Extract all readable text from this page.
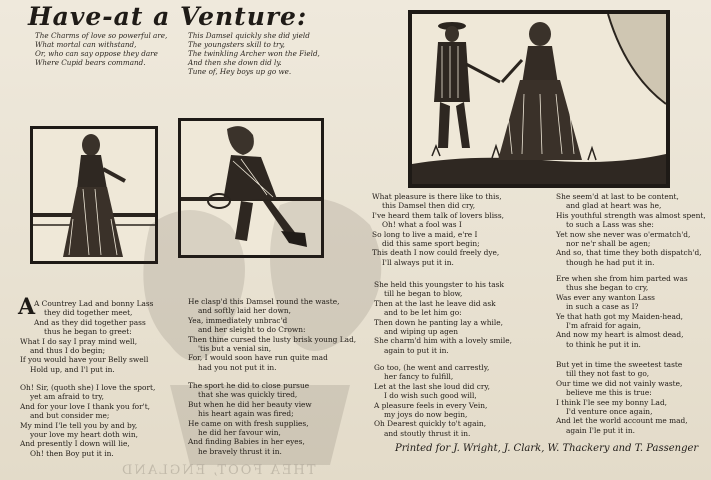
Have-at a Venture:
The Charms of love so powerful are,
What mortal can withstand,
Or, who can say oppose they dare
Where Cupid bears command.
This Damsel quickly she did yield
The youngsters skill to try,
The twinkling Archer won the Field,
And then she down did ly.
Tune of, Hey boys up go we.
A
A Countrey Lad and bonny Lass
they did together meet,
And as they did together pass
thus he began to greet:
What I do say I pray mind well,
and thus I do begin;
If you would have your Belly swell
Hold up, and I'l put in.
Oh! Sir, (quoth she) I love the sport,
yet am afraid to try,
And for your love I thank you for't,
and but consider me;
My mind I'le tell you by and by,
your love my heart doth win,
And presently I down will lie,
Oh! then Boy put it in.
He clasp'd this Damsel round the waste,
and softly laid her down,
Yea, immediately unbrac'd
and her sleight to do Crown:
Then thine cursed the lusty brisk young Lad,
'tis but a venial sin,
For, I would soon have run quite mad
had you not put it in.
The sport he did to close pursue
that she was quickly tired,
But when he did her beauty view
his heart again was fired;
He came on with fresh supplies,
he did her favour win,
And finding Babies in her eyes,
he bravely thrust it in.
What pleasure is there like to this,
this Damsel then did cry,
I've heard them talk of lovers bliss,
Oh! what a fool was I
So long to live a maid, e're I
did this same sport begin;
This death I now could freely dye,
I'll always put it in.
She held this youngster to his task
till he began to blow,
Then at the last he leave did ask
and to be let him go:
Then down he panting lay a while,
and wiping up agen
She charm'd him with a lovely smile,
again to put it in.
Go too, (he went and carrestly,
her fancy to fulfill,
Let at the last she loud did cry,
I do wish such good will,
A pleasure feels in every Vein,
my joys do now begin,
Oh Dearest quickly to't again,
and stoutly thrust it in.
She seem'd at last to be content,
and glad at heart was he,
His youthful strength was almost spent,
to such a Lass was she:
Yet now she never was o'ermatch'd,
nor ne'r shall be agen;
And so, that time they both dispatch'd,
though he had put it in.
Ere when she from him parted was
thus she began to cry,
Was ever any wanton Lass
in such a case as I?
Ye that hath got my Maiden-head,
I'm afraid for again,
And now my heart is almost dead,
to think he put it in.
But yet in time the sweetest taste
till they not fast to go,
Our time we did not vainly waste,
believe me this is true:
I think I'le see my bonny Lad,
I'd venture once again,
And let the world account me mad,
again I'le put it in.
Printed for J. Wright, J. Clark, W. Thackery and T. Passenger
THEA FOOT, ENGLAND
